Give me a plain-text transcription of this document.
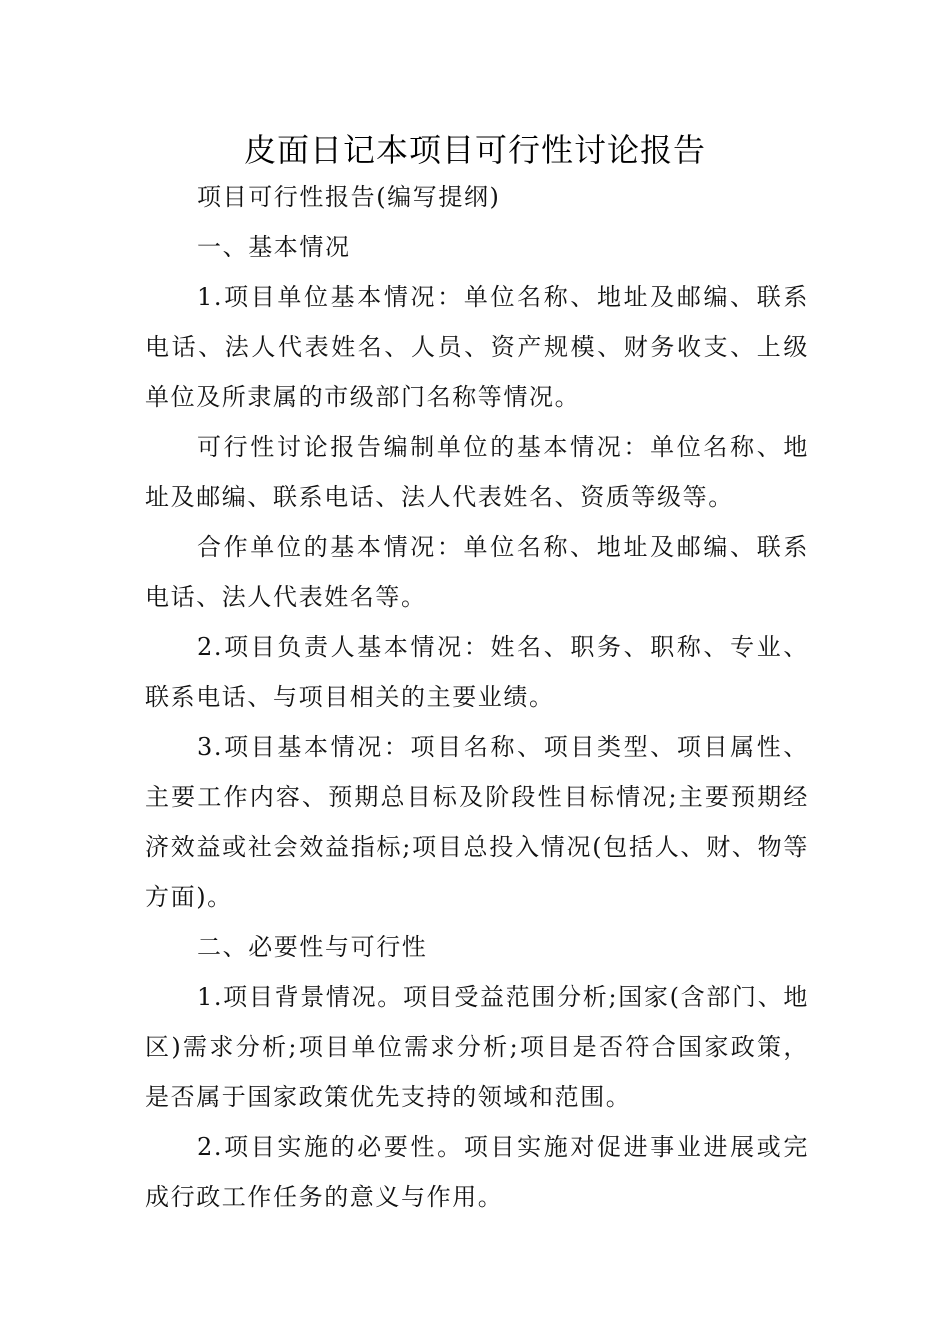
皮面日记本项目可行性讨论报告

项目可行性报告(编写提纲)

一、基本情况

1.项目单位基本情况：单位名称、地址及邮编、联系电话、法人代表姓名、人员、资产规模、财务收支、上级单位及所隶属的市级部门名称等情况。

可行性讨论报告编制单位的基本情况：单位名称、地址及邮编、联系电话、法人代表姓名、资质等级等。

合作单位的基本情况：单位名称、地址及邮编、联系电话、法人代表姓名等。

2.项目负责人基本情况：姓名、职务、职称、专业、联系电话、与项目相关的主要业绩。

3.项目基本情况：项目名称、项目类型、项目属性、主要工作内容、预期总目标及阶段性目标情况;主要预期经济效益或社会效益指标;项目总投入情况(包括人、财、物等方面)。

二、必要性与可行性

1.项目背景情况。项目受益范围分析;国家(含部门、地区)需求分析;项目单位需求分析;项目是否符合国家政策，是否属于国家政策优先支持的领域和范围。

2.项目实施的必要性。项目实施对促进事业进展或完成行政工作任务的意义与作用。
